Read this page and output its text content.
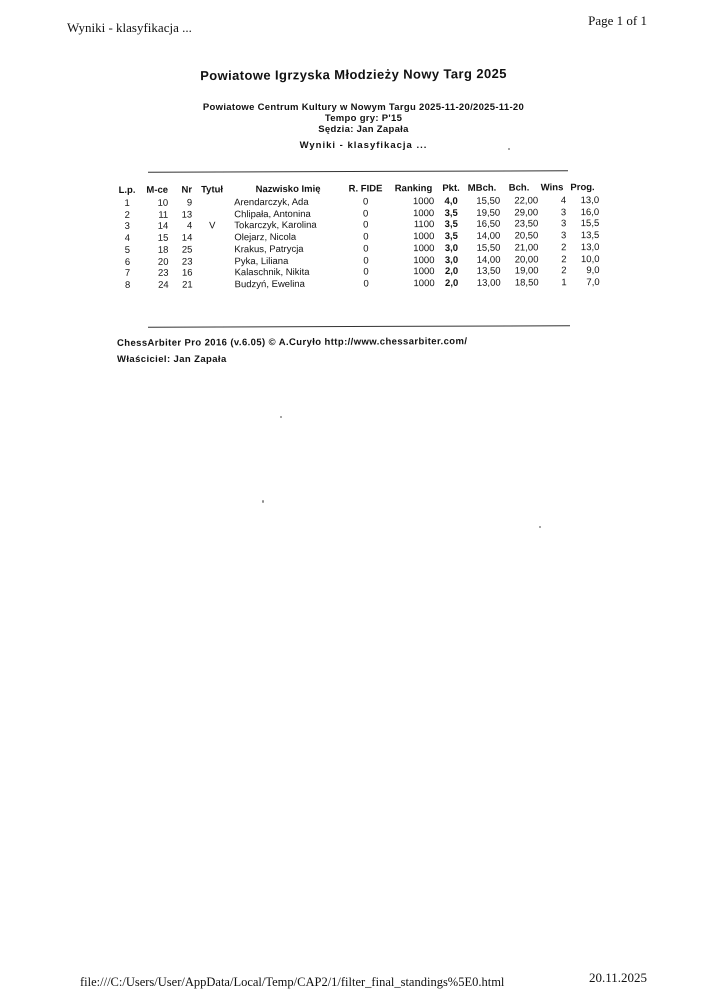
Wyniki - klasyfikacja ...	Page 1 of 1
Powiatowe Igrzyska Młodzieży Nowy Targ 2025
Powiatowe Centrum Kultury w Nowym Targu 2025-11-20/2025-11-20
Tempo gry: P'15
Sędzia: Jan Zapała
Wyniki - klasyfikacja ...
L.p.	M-ce	Nr	Tytuł	Nazwisko Imię	R. FIDE	Ranking	Pkt.	MBch.	Bch.	Wins	Prog.
1	10	9		Arendarczyk, Ada	0	1000	4,0	15,50	22,00	4	13,0
2	11	13		Chlipała, Antonina	0	1000	3,5	19,50	29,00	3	16,0
3	14	4	V	Tokarczyk, Karolina	0	1100	3,5	16,50	23,50	3	15,5
4	15	14		Olejarz, Nicola	0	1000	3,5	14,00	20,50	3	13,5
5	18	25		Krakus, Patrycja	0	1000	3,0	15,50	21,00	2	13,0
6	20	23		Pyka, Liliana	0	1000	3,0	14,00	20,00	2	10,0
7	23	16		Kalaschnik, Nikita	0	1000	2,0	13,50	19,00	2	9,0
8	24	21		Budzyń, Ewelina	0	1000	2,0	13,00	18,50	1	7,0
ChessArbiter Pro 2016 (v.6.05) © A.Curyło http://www.chessarbiter.com/
Właściciel: Jan Zapała
file:///C:/Users/User/AppData/Local/Temp/CAP2/1/filter_final_standings%5E0.html	20.11.2025
